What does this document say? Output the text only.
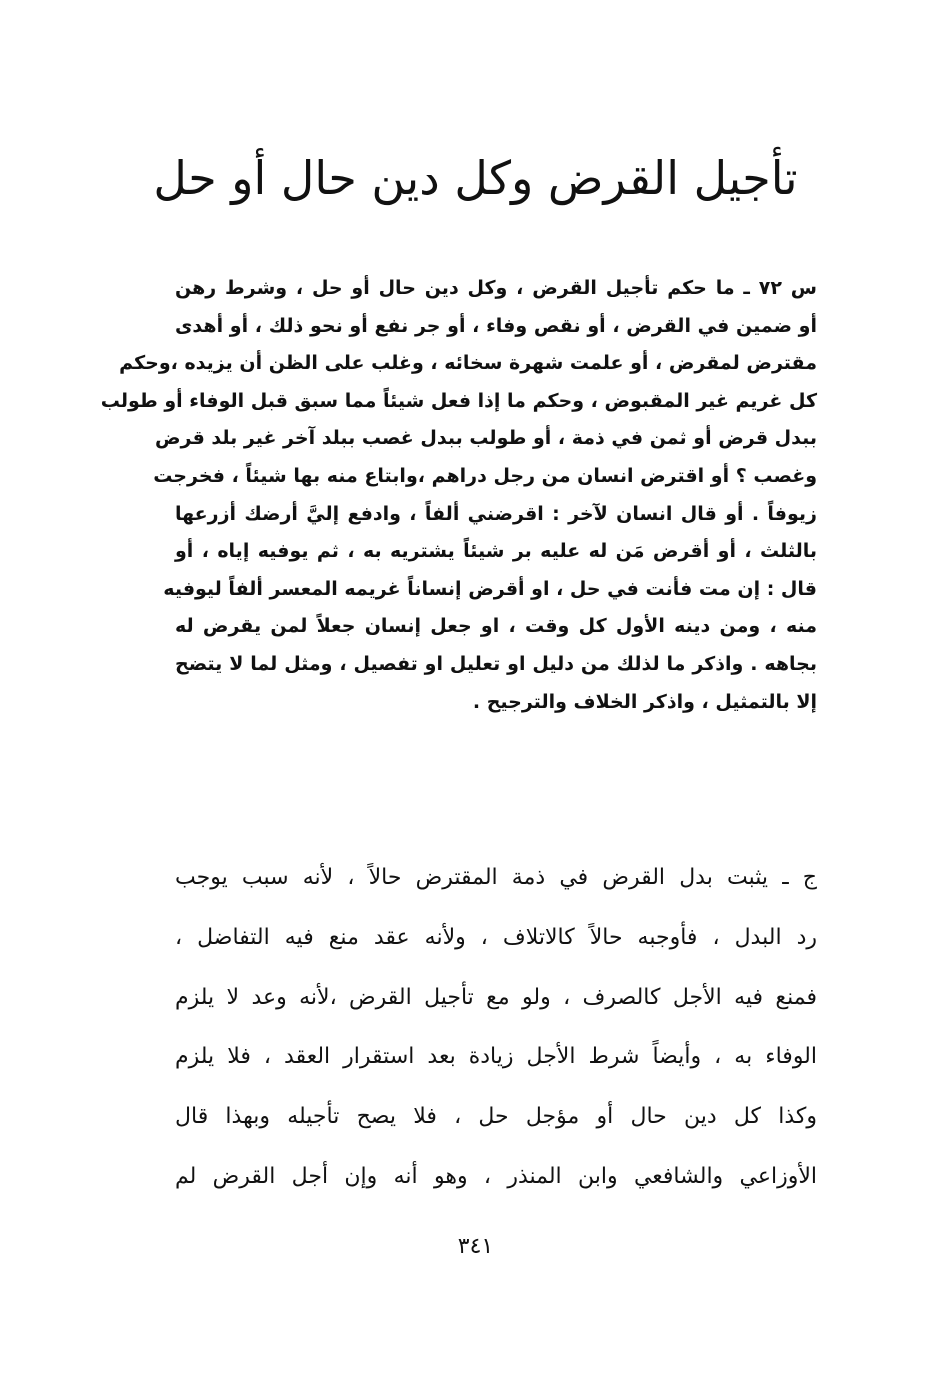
تأجيل القرض وكل دين حال أو حل
س ٧٢ ـ ما حكم تأجيل القرض ، وكل دين حال أو حل ، وشرط رهن
أو ضمين في القرض ، أو نقص وفاء ، أو جر نفع أو نحو ذلك ، أو أهدى
مقترض لمقرض ، أو علمت شهرة سخائه ، وغلب على الظن أن يزيده ،وحكم
كل غريم غير المقبوض ، وحكم ما إذا فعل شيئاً مما سبق قبل الوفاء أو طولب
ببدل قرض أو ثمن في ذمة ، أو طولب ببدل غصب ببلد آخر غير بلد قرض
وغصب ؟ أو اقترض انسان من رجل دراهم ،وابتاع منه بها شيئاً ، فخرجت
زيوفاً . أو قال انسان لآخر : اقرضني ألفاً ، وادفع إليَّ أرضك أزرعها
بالثلث ، أو أقرض مَن له عليه بر شيئاً يشتريه به ، ثم يوفيه إياه ، أو
قال : إن مت فأنت في حل ، او أقرض إنساناً غريمه المعسر ألفاً ليوفيه
منه ، ومن دينه الأول كل وقت ، او جعل إنسان جعلاً لمن يقرض له
بجاهه . واذكر ما لذلك من دليل او تعليل او تفصيل ، ومثل لما لا يتضح
إلا بالتمثيل ، واذكر الخلاف والترجيح .
ج ـ يثبت بدل القرض في ذمة المقترض حالاً ، لأنه سبب يوجب
رد البدل ، فأوجبه حالاً كالاتلاف ، ولأنه عقد منع فيه التفاضل ،
فمنع فيه الأجل كالصرف ، ولو مع تأجيل القرض ،لأنه وعد لا يلزم
الوفاء به ، وأيضاً شرط الأجل زيادة بعد استقرار العقد ، فلا يلزم
وكذا كل دين حال أو مؤجل حل ، فلا يصح تأجيله وبهذا قال
الأوزاعي والشافعي وابن المنذر ، وهو أنه وإن أجل القرض لم
٣٤١
